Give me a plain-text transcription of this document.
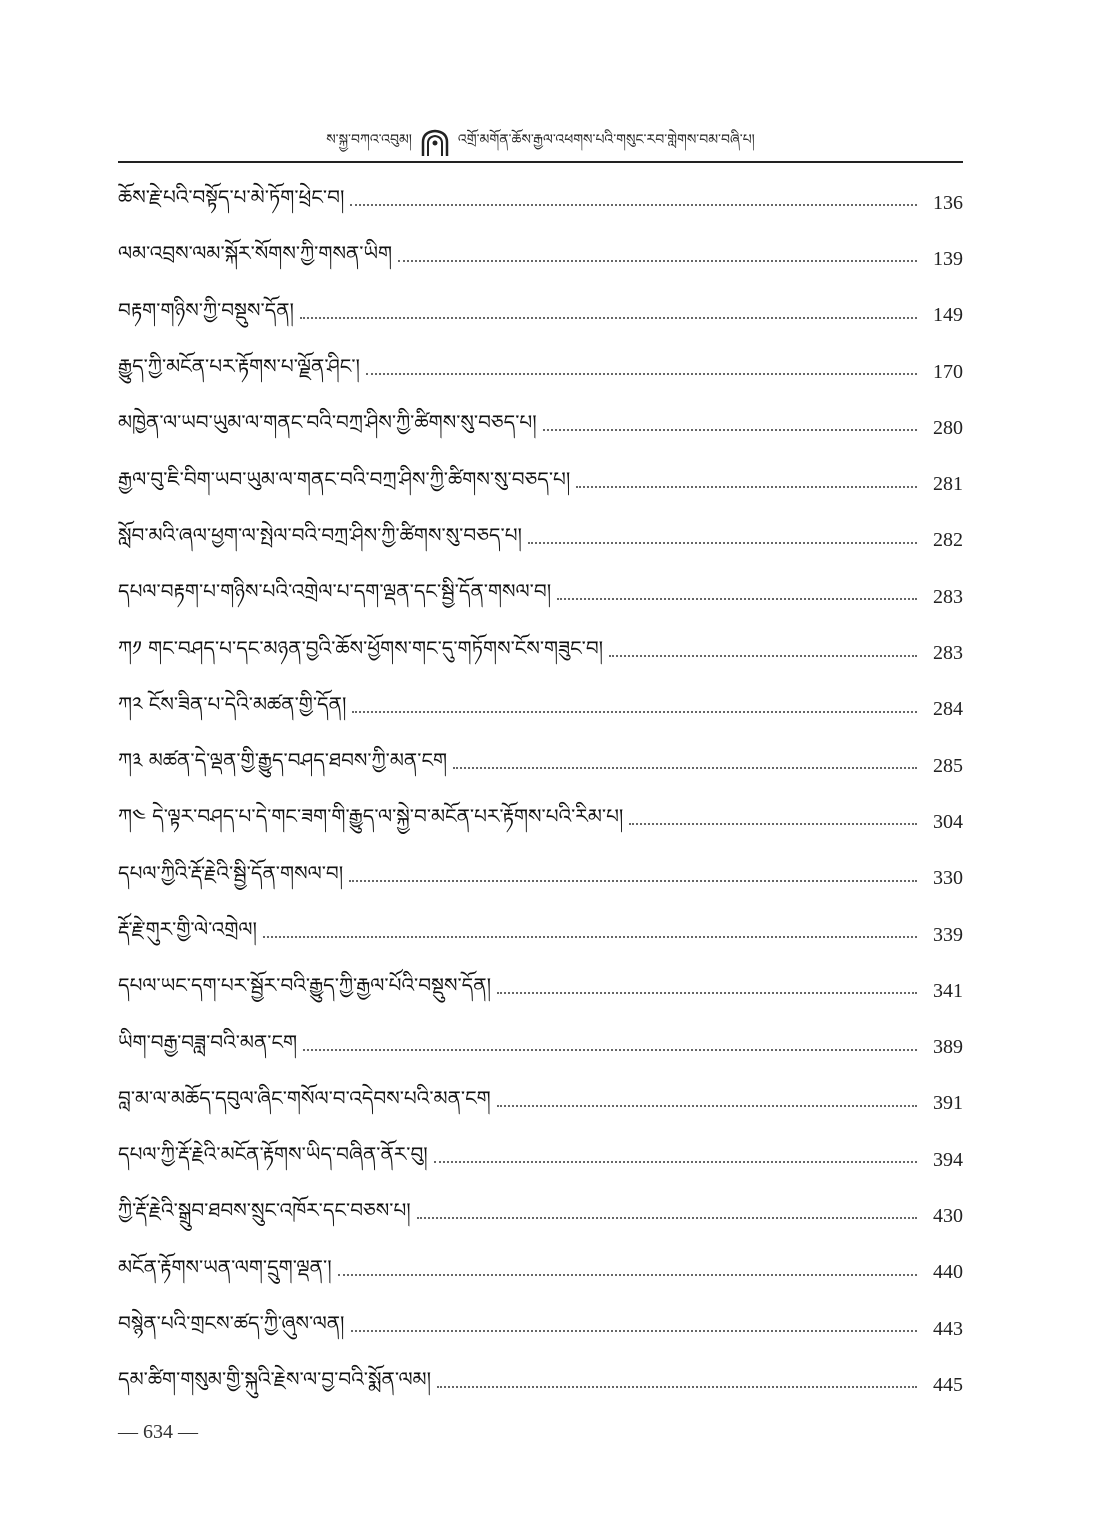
ས་སྐྱ་བཀའ་འབུམ།	འགྲོ་མགོན་ཆོས་རྒྱལ་འཕགས་པའི་གསུང་རབ་གླེགས་བམ་བཞི་པ།
ཆོས་རྗེ་པའི་བསྟོད་པ་མེ་ཏོག་ཕྲེང་བ།	136
ལམ་འབྲས་ལམ་སྐོར་སོགས་ཀྱི་གསན་ཡིག	139
བརྟག་གཉིས་ཀྱི་བསྡུས་དོན།	149
རྒྱུད་ཀྱི་མངོན་པར་རྟོགས་པ་ལྗོན་ཤིང་།	170
མཁྱེན་ལ་ཡབ་ཡུམ་ལ་གནང་བའི་བཀྲ་ཤིས་ཀྱི་ཚིགས་སུ་བཅད་པ།	280
རྒྱལ་བུ་ཇི་བིག་ཡབ་ཡུམ་ལ་གནང་བའི་བཀྲ་ཤིས་ཀྱི་ཚིགས་སུ་བཅད་པ།	281
སློབ་མའི་ཞལ་ཕྱག་ལ་སྤེལ་བའི་བཀྲ་ཤིས་ཀྱི་ཚིགས་སུ་བཅད་པ།	282
དཔལ་བརྟག་པ་གཉིས་པའི་འགྲེལ་པ་དག་ལྡན་དང་སྦྱི་དོན་གསལ་བ།	283
ཀ༡ གང་བཤད་པ་དང་མཉན་བྱའི་ཆོས་ཕྱོགས་གང་དུ་གཏོགས་ངོས་གཟུང་བ།	283
ཀ༢ ངོས་ཟིན་པ་དེའི་མཚན་གྱི་དོན།	284
ཀ༣ མཚན་དེ་ལྡན་གྱི་རྒྱུད་བཤད་ཐབས་ཀྱི་མན་ངག	285
ཀ༤ དེ་ལྟར་བཤད་པ་དེ་གང་ཟག་གི་རྒྱུད་ལ་སྐྱེ་བ་མངོན་པར་རྟོགས་པའི་རིམ་པ།	304
དཔལ་ཀྱིའི་རྡོ་རྗེའི་སྦྱི་དོན་གསལ་བ།	330
རྡོ་རྗེ་གུར་གྱི་ལེ་འགྲེལ།	339
དཔལ་ཡང་དག་པར་སྦྱོར་བའི་རྒྱུད་ཀྱི་རྒྱལ་པོའི་བསྡུས་དོན།	341
ཡིག་བརྒྱ་བཟླ་བའི་མན་ངག	389
བླ་མ་ལ་མཆོད་དབུལ་ཞིང་གསོལ་བ་འདེབས་པའི་མན་ངག	391
དཔལ་ཀྱི་རྡོ་རྗེའི་མངོན་རྟོགས་ཡིད་བཞིན་ནོར་བུ།	394
ཀྱི་རྡོ་རྗེའི་སྒྲུབ་ཐབས་སྲུང་འཁོར་དང་བཅས་པ།	430
མངོན་རྟོགས་ཡན་ལག་དྲུག་ལྡན་།	440
བསྙེན་པའི་གྲངས་ཚད་ཀྱི་ཞུས་ལན།	443
དམ་ཚིག་གསུམ་གྱི་སྐུའི་རྗེས་ལ་བྱ་བའི་སྨོན་ལམ།	445
— 634 —
